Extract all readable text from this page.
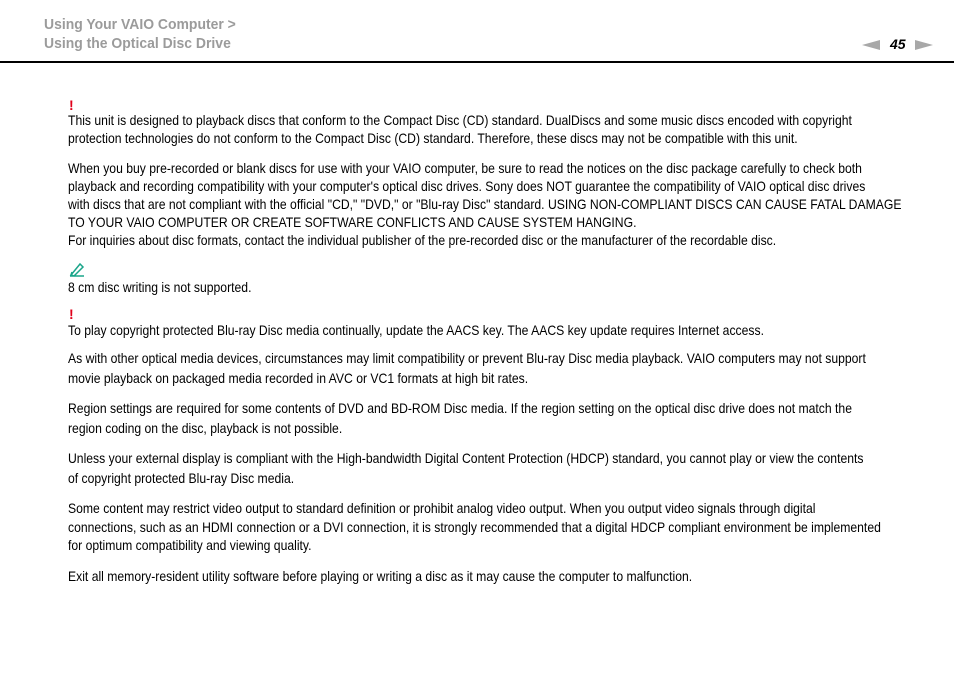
Using Your VAIO Computer >
Using the Optical Disc Drive	45
!
This unit is designed to playback discs that conform to the Compact Disc (CD) standard. DualDiscs and some music discs encoded with copyright
protection technologies do not conform to the Compact Disc (CD) standard. Therefore, these discs may not be compatible with this unit.
When you buy pre-recorded or blank discs for use with your VAIO computer, be sure to read the notices on the disc package carefully to check both
playback and recording compatibility with your computer's optical disc drives. Sony does NOT guarantee the compatibility of VAIO optical disc drives
with discs that are not compliant with the official "CD," "DVD," or "Blu-ray Disc" standard. USING NON-COMPLIANT DISCS CAN CAUSE FATAL DAMAGE
TO YOUR VAIO COMPUTER OR CREATE SOFTWARE CONFLICTS AND CAUSE SYSTEM HANGING.
For inquiries about disc formats, contact the individual publisher of the pre-recorded disc or the manufacturer of the recordable disc.
8 cm disc writing is not supported.
!
To play copyright protected Blu-ray Disc media continually, update the AACS key. The AACS key update requires Internet access.
As with other optical media devices, circumstances may limit compatibility or prevent Blu-ray Disc media playback. VAIO computers may not support
movie playback on packaged media recorded in AVC or VC1 formats at high bit rates.
Region settings are required for some contents of DVD and BD-ROM Disc media. If the region setting on the optical disc drive does not match the
region coding on the disc, playback is not possible.
Unless your external display is compliant with the High-bandwidth Digital Content Protection (HDCP) standard, you cannot play or view the contents
of copyright protected Blu-ray Disc media.
Some content may restrict video output to standard definition or prohibit analog video output. When you output video signals through digital
connections, such as an HDMI connection or a DVI connection, it is strongly recommended that a digital HDCP compliant environment be implemented
for optimum compatibility and viewing quality.
Exit all memory-resident utility software before playing or writing a disc as it may cause the computer to malfunction.
